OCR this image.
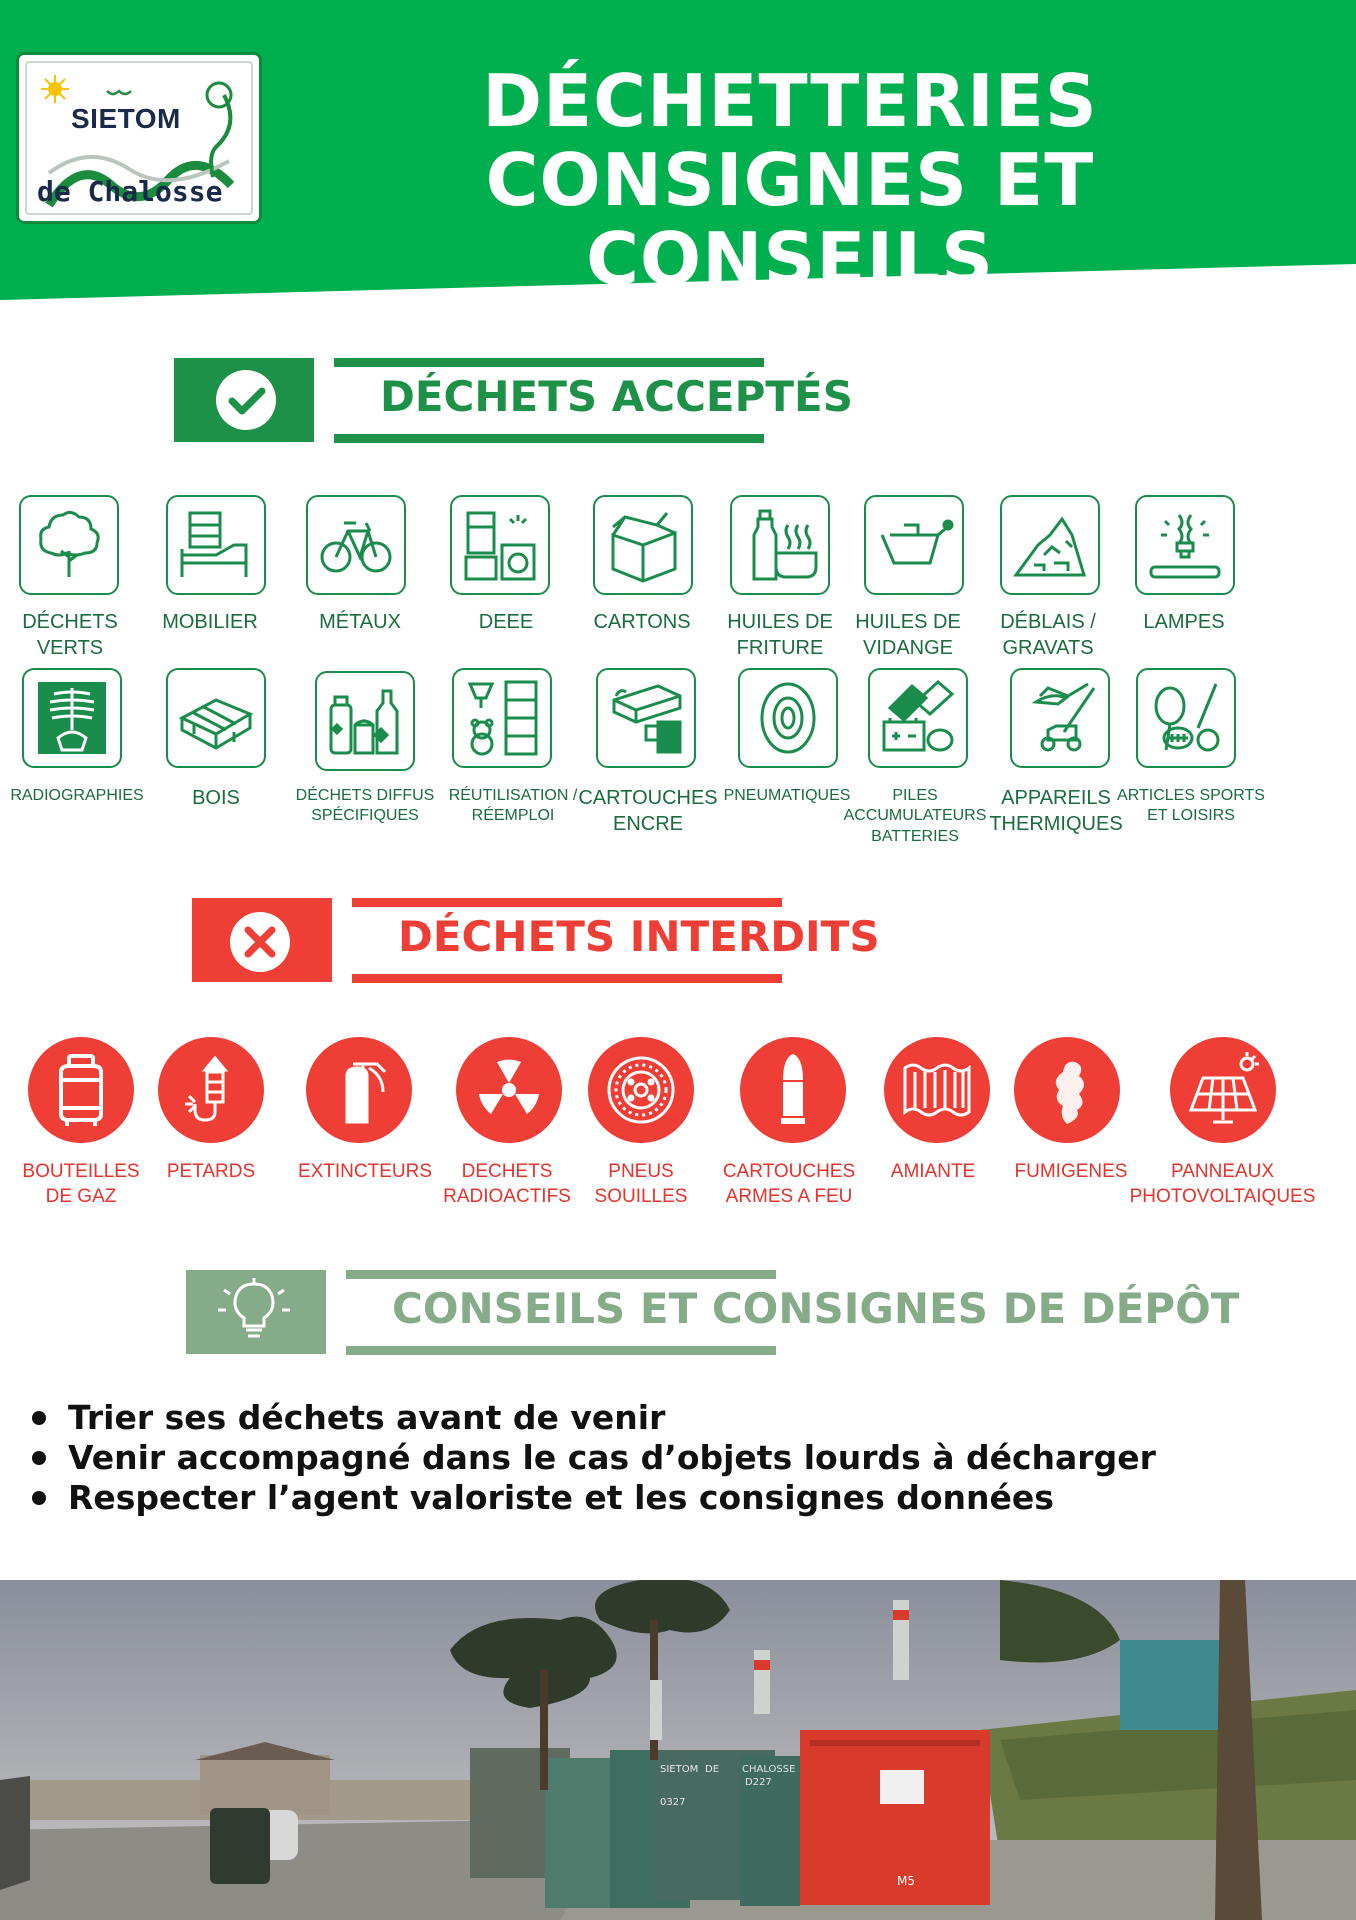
SIETOM
de Chalosse
DÉCHETTERIES
CONSIGNES ET CONSEILS
DÉCHETS ACCEPTÉS
DÉCHETS
VERTS
MOBILIER	MÉTAUX	DEEE	CARTONS	HUILES DE
FRITURE
HUILES DE
VIDANGE
DÉBLAIS /
GRAVATS
LAMPES
RADIOGRAPHIES	BOIS	DÉCHETS DIFFUS
SPÉCIFIQUES
RÉUTILISATION /
RÉEMPLOI
CARTOUCHES
ENCRE
PNEUMATIQUES	PILES
ACCUMULATEURS
BATTERIES
APPAREILS
THERMIQUES
ARTICLES SPORTS
ET LOISIRS
DÉCHETS INTERDITS
BOUTEILLES
DE GAZ
PETARDS	EXTINCTEURS	DECHETS
RADIOACTIFS
PNEUS
SOUILLES
CARTOUCHES
ARMES A FEU
AMIANTE	FUMIGENES	PANNEAUX
PHOTOVOLTAIQUES
CONSEILS ET CONSIGNES DE DÉPÔT
Trier ses déchets avant de venir
Venir accompagné dans le cas d’objets lourds à décharger
Respecter l’agent valoriste et les consignes données
M5
SIETOM DE CHALOSSE
D227
0327
